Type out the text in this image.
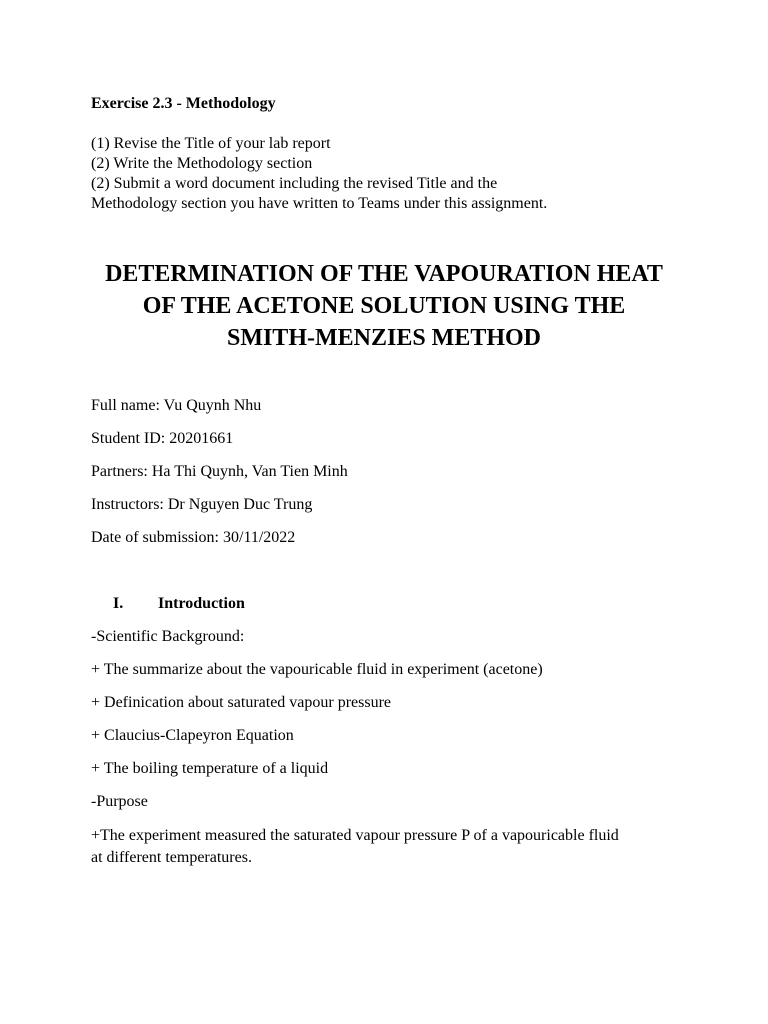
Exercise 2.3 - Methodology
(1) Revise the Title of your lab report
(2) Write the Methodology section
(2) Submit a word document including the revised Title and the
Methodology section you have written to Teams under this assignment.
DETERMINATION OF THE VAPOURATION HEAT
OF THE ACETONE SOLUTION USING THE
SMITH-MENZIES METHOD
Full name: Vu Quynh Nhu
Student ID: 20201661
Partners: Ha Thi Quynh, Van Tien Minh
Instructors: Dr Nguyen Duc Trung
Date of submission: 30/11/2022
I. Introduction
-Scientific Background:
+ The summarize about the vapouricable fluid in experiment (acetone)
+ Definication about saturated vapour pressure
+ Claucius-Clapeyron Equation
+ The boiling temperature of a liquid
-Purpose
+The experiment measured the saturated vapour pressure P of a vapouricable fluid
at different temperatures.
